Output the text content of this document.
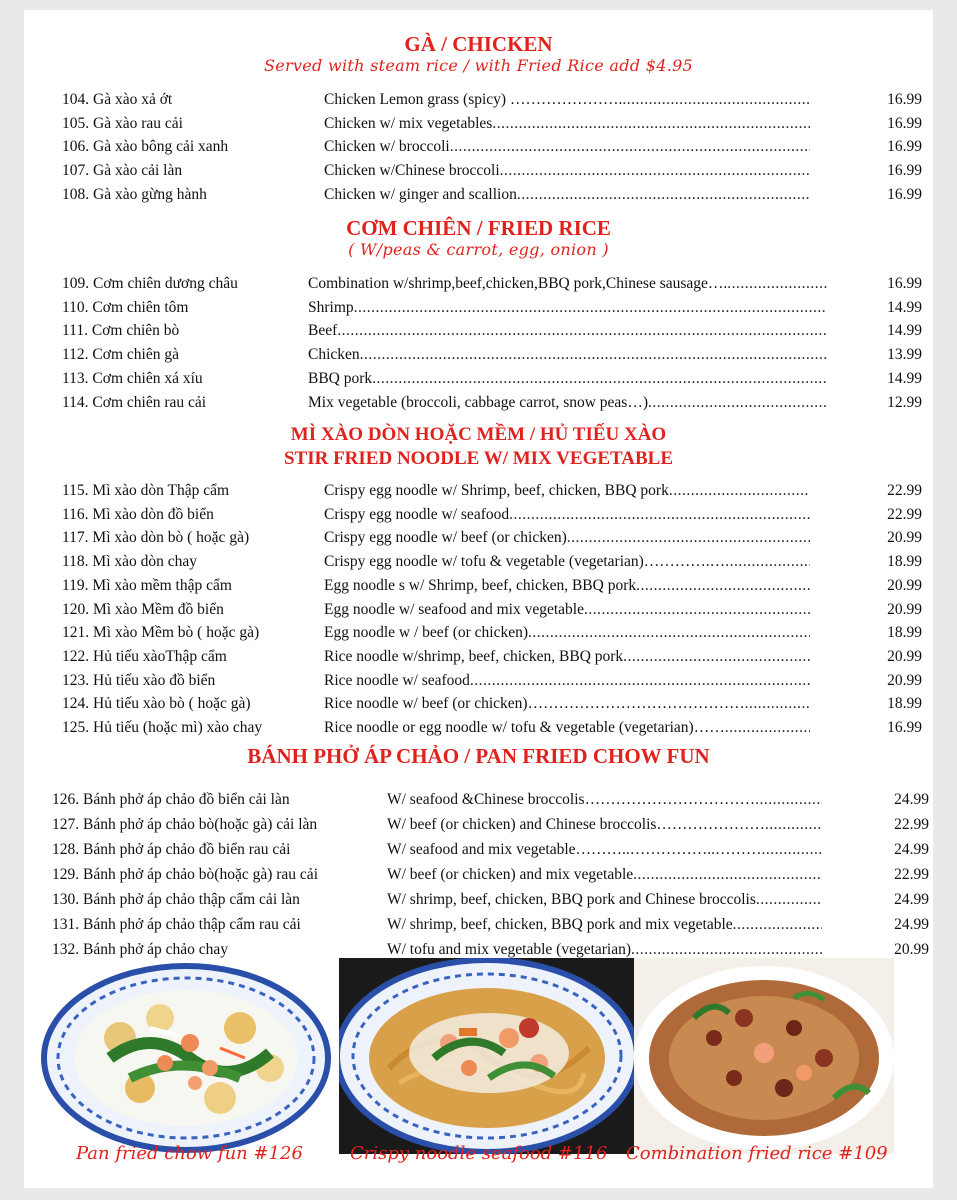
GÀ / CHICKEN
Served with steam rice / with Fried Rice add $4.95
104. Gà xào xả ớt	Chicken Lemon grass (spicy) …………………. .....	16.99
105. Gà xào rau cải	Chicken w/ mix vegetables .....	16.99
106. Gà xào bông cải xanh	Chicken w/ broccoli .....	16.99
107. Gà xào cải làn	Chicken w/Chinese broccoli .....	16.99
108. Gà xào gừng hành	Chicken w/ ginger and scallion .....	16.99
CƠM CHIÊN / FRIED RICE
( W/peas & carrot, egg, onion )
109. Cơm chiên dương châu	Combination w/shrimp,beef,chicken,BBQ pork,Chinese sausage…. .....	16.99
110. Cơm chiên tôm	Shrimp .....	14.99
111. Cơm chiên bò	Beef .....	14.99
112. Cơm chiên gà	Chicken .....	13.99
113. Cơm chiên xá xíu	BBQ pork .....	14.99
114. Cơm chiên rau cải	Mix vegetable (broccoli, cabbage carrot, snow peas…) .....	12.99
MÌ XÀO DÒN HOẶC MỀM / HỦ TIẾU XÀO
STIR FRIED NOODLE W/ MIX VEGETABLE
115. Mì xào dòn Thập cẩm	Crispy egg noodle w/ Shrimp, beef, chicken, BBQ pork .....	22.99
116. Mì xào dòn đồ biển	Crispy egg noodle w/ seafood .....	22.99
117. Mì xào dòn bò ( hoặc gà)	Crispy egg noodle w/ beef (or chicken) .....	20.99
118. Mì xào dòn chay	Crispy egg noodle w/ tofu & vegetable (vegetarian)………….… .....	18.99
119. Mì xào mềm thập cẩm	Egg noodle s w/ Shrimp, beef, chicken, BBQ pork .....	20.99
120. Mì xào Mềm đồ biển	Egg noodle w/ seafood and mix vegetable .....	20.99
121. Mì xào Mềm bò ( hoặc gà)	Egg noodle w / beef (or chicken) .....	18.99
122. Hủ tiếu xàoThập cẩm	Rice noodle w/shrimp, beef, chicken, BBQ pork .....	20.99
123. Hủ tiếu xào đồ biển	Rice noodle w/ seafood .....	20.99
124. Hủ tiếu xào bò ( hoặc gà)	Rice noodle w/ beef (or chicken)…………………………………… .....	18.99
125. Hủ tiếu (hoặc mì) xào chay	Rice noodle or egg noodle w/ tofu & vegetable (vegetarian)…… .....	16.99
BÁNH PHỞ ÁP CHẢO / PAN FRIED CHOW FUN
126. Bánh phở áp chảo đồ biển cải làn	W/ seafood &Chinese broccolis…………………………… .....	24.99
127. Bánh phở áp chảo bò(hoặc gà) cải làn	W/ beef (or chicken) and Chinese broccolis………………… .....	22.99
128. Bánh phở áp chảo đồ biển rau cải	W/ seafood and mix vegetable………..……………..……… .....	24.99
129. Bánh phở áp chảo bò(hoặc gà) rau cải	W/ beef (or chicken) and mix vegetable .....	22.99
130. Bánh phở áp chảo thập cẩm cải làn	W/ shrimp, beef, chicken, BBQ pork and Chinese broccolis .....	24.99
131. Bánh phở áp chảo thập cẩm rau cải	W/ shrimp, beef, chicken, BBQ pork and mix vegetable .....	24.99
132. Bánh phở áp chảo chay	W/ tofu and mix vegetable (vegetarian) .....	20.99
Pan fried chow fun #126	Crispy noodle seafood #116 Combination fried rice #109
